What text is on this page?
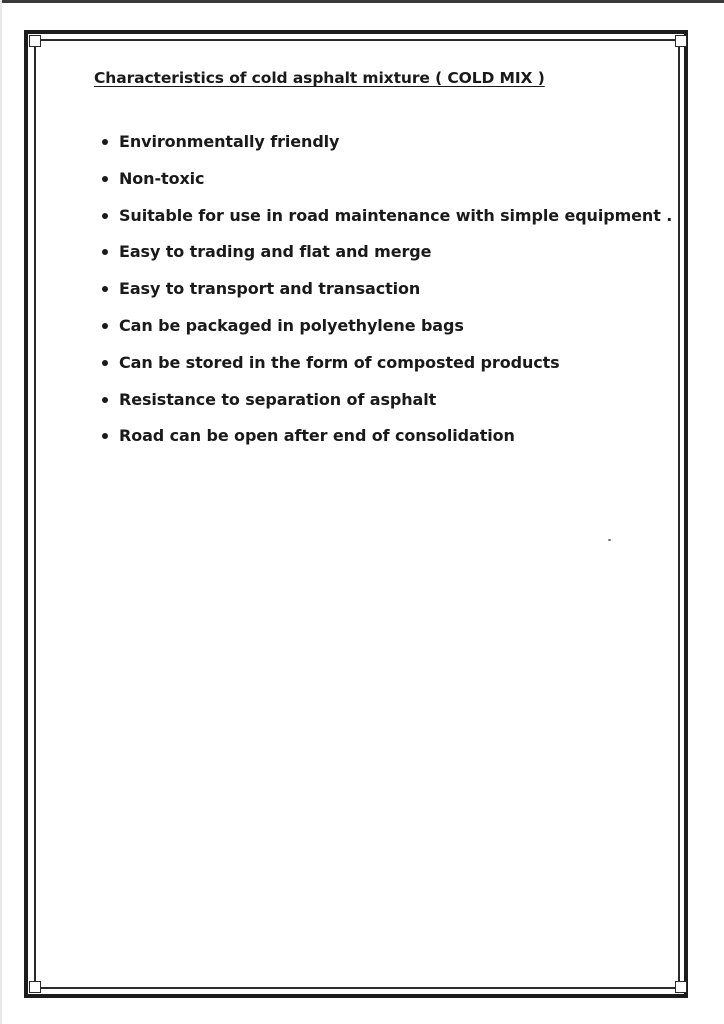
Characteristics of cold asphalt mixture ( COLD MIX )
Environmentally friendly
Non-toxic
Suitable for use in road maintenance with simple equipment .
Easy to trading and flat and merge
Easy to transport and transaction
Can be packaged in polyethylene bags
Can be stored in the form of composted products
Resistance to separation of asphalt
Road can be open after end of consolidation
